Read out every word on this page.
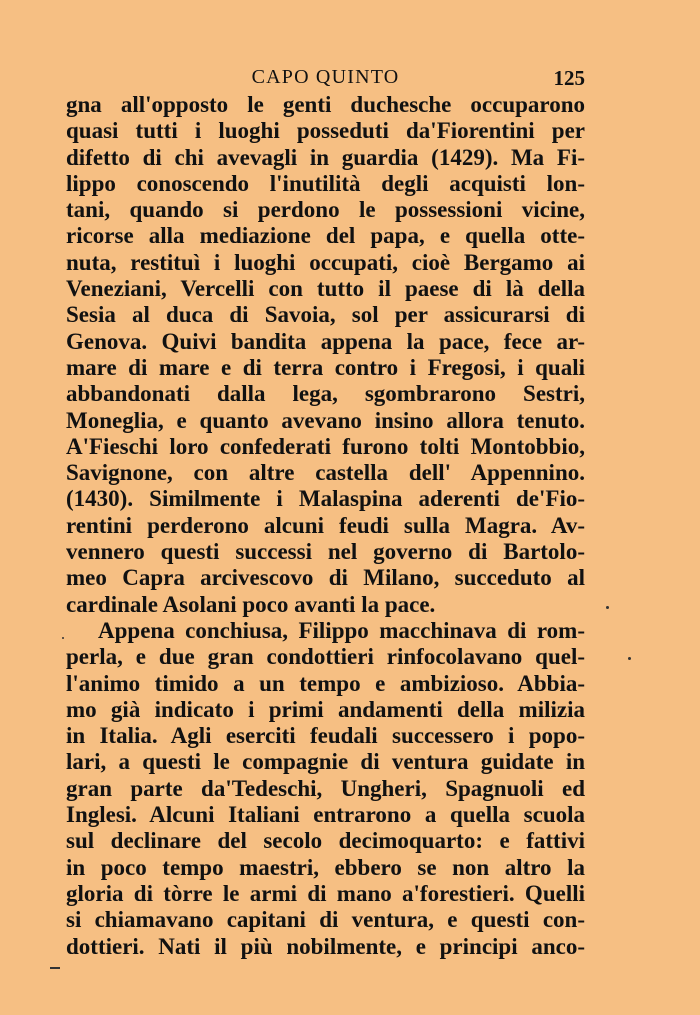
CAPO QUINTO	125
gna all'opposto le genti duchesche occuparono
quasi tutti i luoghi posseduti da'Fiorentini per
difetto di chi avevagli in guardia (1429). Ma Fi-
lippo conoscendo l'inutilità degli acquisti lon-
tani, quando si perdono le possessioni vicine,
ricorse alla mediazione del papa, e quella otte-
nuta, restituì i luoghi occupati, cioè Bergamo ai
Veneziani, Vercelli con tutto il paese di là della
Sesia al duca di Savoia, sol per assicurarsi di
Genova. Quivi bandita appena la pace, fece ar-
mare di mare e di terra contro i Fregosi, i quali
abbandonati dalla lega, sgombrarono Sestri,
Moneglia, e quanto avevano insino allora tenuto.
A'Fieschi loro confederati furono tolti Montobbio,
Savignone, con altre castella dell' Appennino.
(1430). Similmente i Malaspina aderenti de'Fio-
rentini perderono alcuni feudi sulla Magra. Av-
vennero questi successi nel governo di Bartolo-
meo Capra arcivescovo di Milano, succeduto al
cardinale Asolani poco avanti la pace.
Appena conchiusa, Filippo macchinava di rom-
perla, e due gran condottieri rinfocolavano quel-
l'animo timido a un tempo e ambizioso. Abbia-
mo già indicato i primi andamenti della milizia
in Italia. Agli eserciti feudali successero i popo-
lari, a questi le compagnie di ventura guidate in
gran parte da'Tedeschi, Ungheri, Spagnuoli ed
Inglesi. Alcuni Italiani entrarono a quella scuola
sul declinare del secolo decimoquarto: e fattivi
in poco tempo maestri, ebbero se non altro la
gloria di tòrre le armi di mano a'forestieri. Quelli
si chiamavano capitani di ventura, e questi con-
dottieri. Nati il più nobilmente, e principi anco-
